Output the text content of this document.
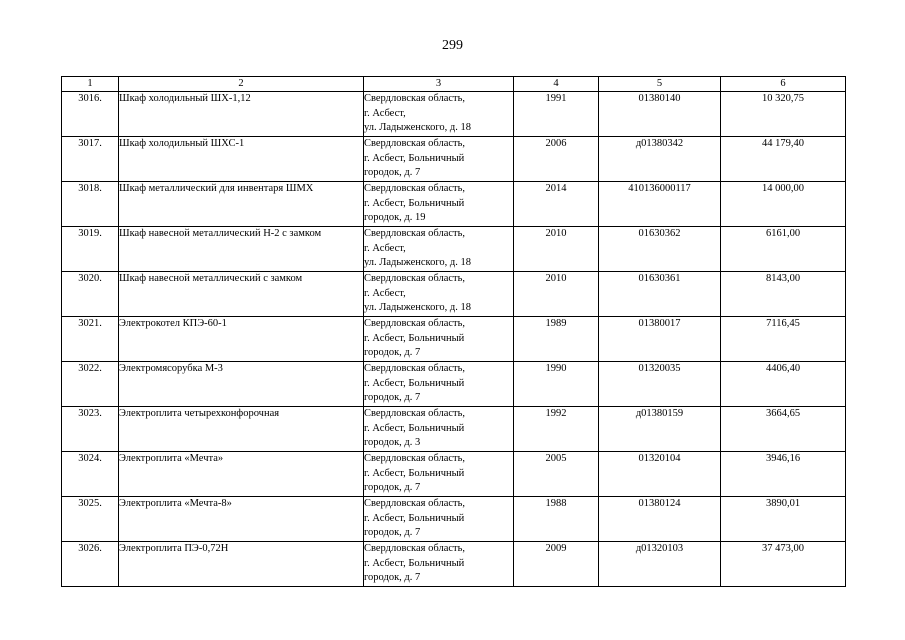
299
1	2	3	4	5	6
3016.	Шкаф холодильный ШХ-1,12	Свердловская область,
г. Асбест,
ул. Ладыженского, д. 18	1991	01380140	10 320,75
3017.	Шкаф холодильный ШХС-1	Свердловская область,
г. Асбест, Больничный
городок, д. 7	2006	д01380342	44 179,40
3018.	Шкаф металлический для инвентаря ШМХ	Свердловская область,
г. Асбест, Больничный
городок, д. 19	2014	410136000117	14 000,00
3019.	Шкаф навесной металлический Н-2 с замком	Свердловская область,
г. Асбест,
ул. Ладыженского, д. 18	2010	01630362	6161,00
3020.	Шкаф навесной металлический с замком	Свердловская область,
г. Асбест,
ул. Ладыженского, д. 18	2010	01630361	8143,00
3021.	Электрокотел КПЭ-60-1	Свердловская область,
г. Асбест, Больничный
городок, д. 7	1989	01380017	7116,45
3022.	Электромясорубка М-3	Свердловская область,
г. Асбест, Больничный
городок, д. 7	1990	01320035	4406,40
3023.	Электроплита четырехконфорочная	Свердловская область,
г. Асбест, Больничный
городок, д. 3	1992	д01380159	3664,65
3024.	Электроплита «Мечта»	Свердловская область,
г. Асбест, Больничный
городок, д. 7	2005	01320104	3946,16
3025.	Электроплита «Мечта-8»	Свердловская область,
г. Асбест, Больничный
городок, д. 7	1988	01380124	3890,01
3026.	Электроплита ПЭ-0,72Н	Свердловская область,
г. Асбест, Больничный
городок, д. 7	2009	д01320103	37 473,00
